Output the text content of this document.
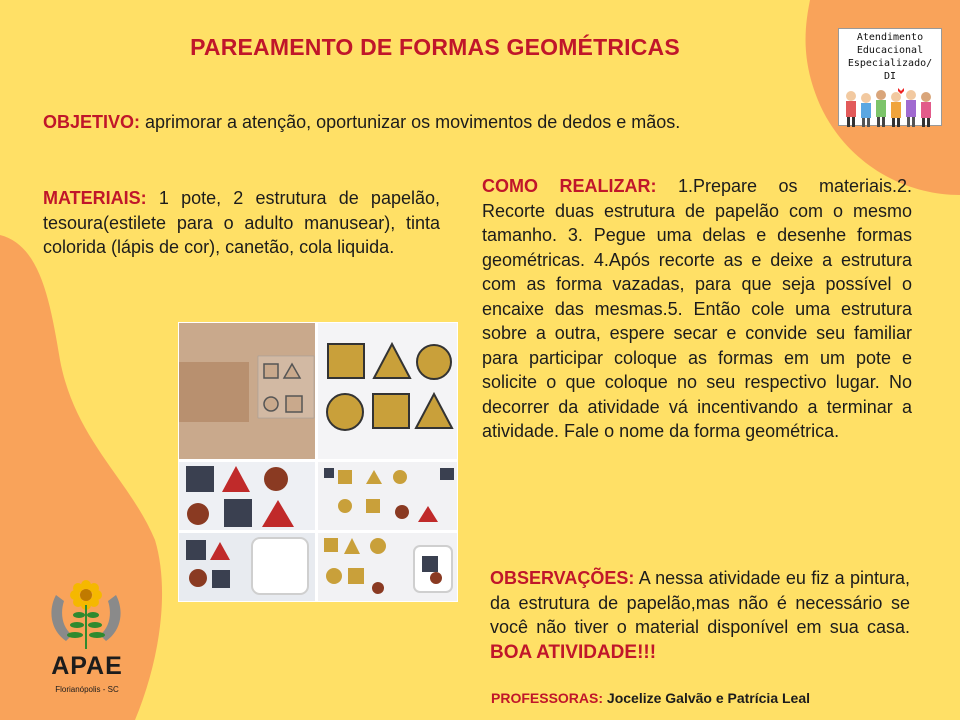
PAREAMENTO DE FORMAS GEOMÉTRICAS
OBJETIVO: aprimorar a atenção, oportunizar os movimentos de dedos e mãos.
MATERIAIS: 1 pote, 2 estrutura de papelão, tesoura(estilete para o adulto manusear), tinta colorida (lápis de cor), canetão, cola liquida.
COMO REALIZAR: 1.Prepare os materiais.2. Recorte duas estrutura de papelão com o mesmo tamanho. 3. Pegue uma delas e desenhe formas geométricas. 4.Após recorte as e deixe a estrutura com as forma vazadas, para que seja possível o encaixe das mesmas.5. Então cole uma estrutura sobre a outra, espere secar e convide seu familiar para participar coloque as formas em um pote e solicite o que coloque no seu respectivo lugar. No decorrer da atividade vá incentivando a terminar a atividade. Fale o nome da forma geométrica.
OBSERVAÇÕES: A nessa atividade eu fiz a pintura, da estrutura de papelão,mas não é necessário se você não tiver o material disponível em sua casa. BOA ATIVIDADE!!!
PROFESSORAS: Jocelize Galvão e Patrícia Leal
Atendimento
Educacional
Especializado/ DI
APAE
Florianópolis - SC
